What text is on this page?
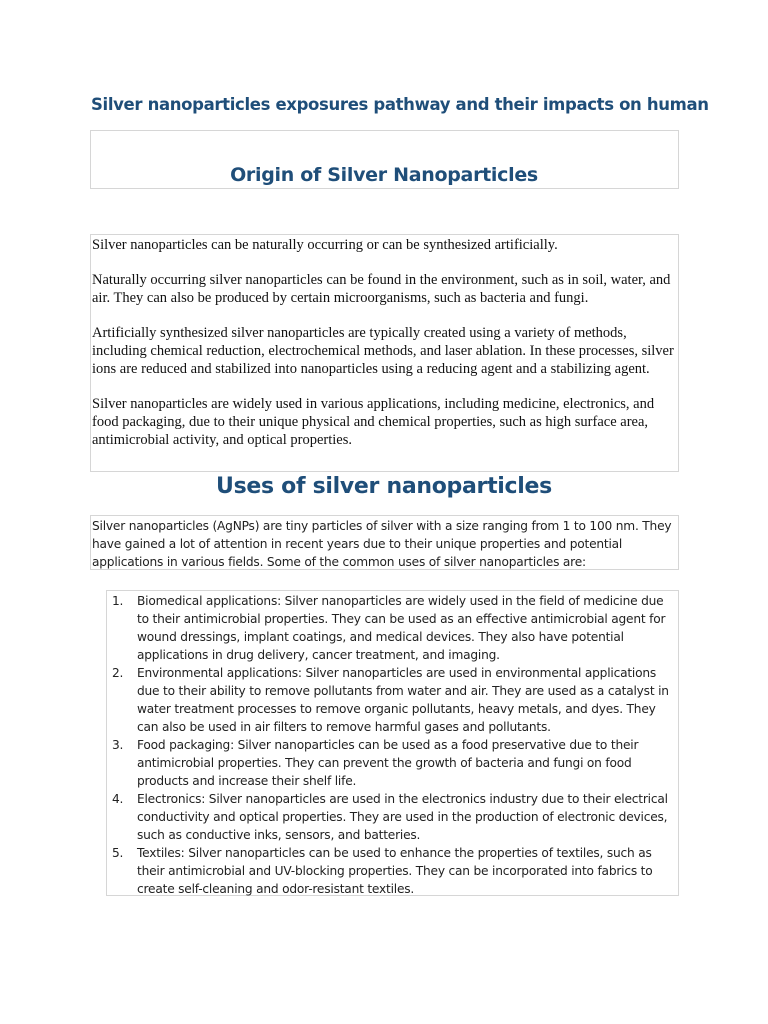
Silver nanoparticles exposures pathway and their impacts on human
Origin of Silver Nanoparticles

Silver nanoparticles can be naturally occurring or can be synthesized artificially.

Naturally occurring silver nanoparticles can be found in the environment, such as in soil, water, and air. They can also be produced by certain microorganisms, such as bacteria and fungi.

Artificially synthesized silver nanoparticles are typically created using a variety of methods, including chemical reduction, electrochemical methods, and laser ablation. In these processes, silver ions are reduced and stabilized into nanoparticles using a reducing agent and a stabilizing agent.

Silver nanoparticles are widely used in various applications, including medicine, electronics, and food packaging, due to their unique physical and chemical properties, such as high surface area, antimicrobial activity, and optical properties.

Uses of silver nanoparticles

Silver nanoparticles (AgNPs) are tiny particles of silver with a size ranging from 1 to 100 nm. They have gained a lot of attention in recent years due to their unique properties and potential applications in various fields. Some of the common uses of silver nanoparticles are:

1. Biomedical applications: Silver nanoparticles are widely used in the field of medicine due to their antimicrobial properties. They can be used as an effective antimicrobial agent for wound dressings, implant coatings, and medical devices. They also have potential applications in drug delivery, cancer treatment, and imaging.
2. Environmental applications: Silver nanoparticles are used in environmental applications due to their ability to remove pollutants from water and air. They are used as a catalyst in water treatment processes to remove organic pollutants, heavy metals, and dyes. They can also be used in air filters to remove harmful gases and pollutants.
3. Food packaging: Silver nanoparticles can be used as a food preservative due to their antimicrobial properties. They can prevent the growth of bacteria and fungi on food products and increase their shelf life.
4. Electronics: Silver nanoparticles are used in the electronics industry due to their electrical conductivity and optical properties. They are used in the production of electronic devices, such as conductive inks, sensors, and batteries.
5. Textiles: Silver nanoparticles can be used to enhance the properties of textiles, such as their antimicrobial and UV-blocking properties. They can be incorporated into fabrics to create self-cleaning and odor-resistant textiles.
